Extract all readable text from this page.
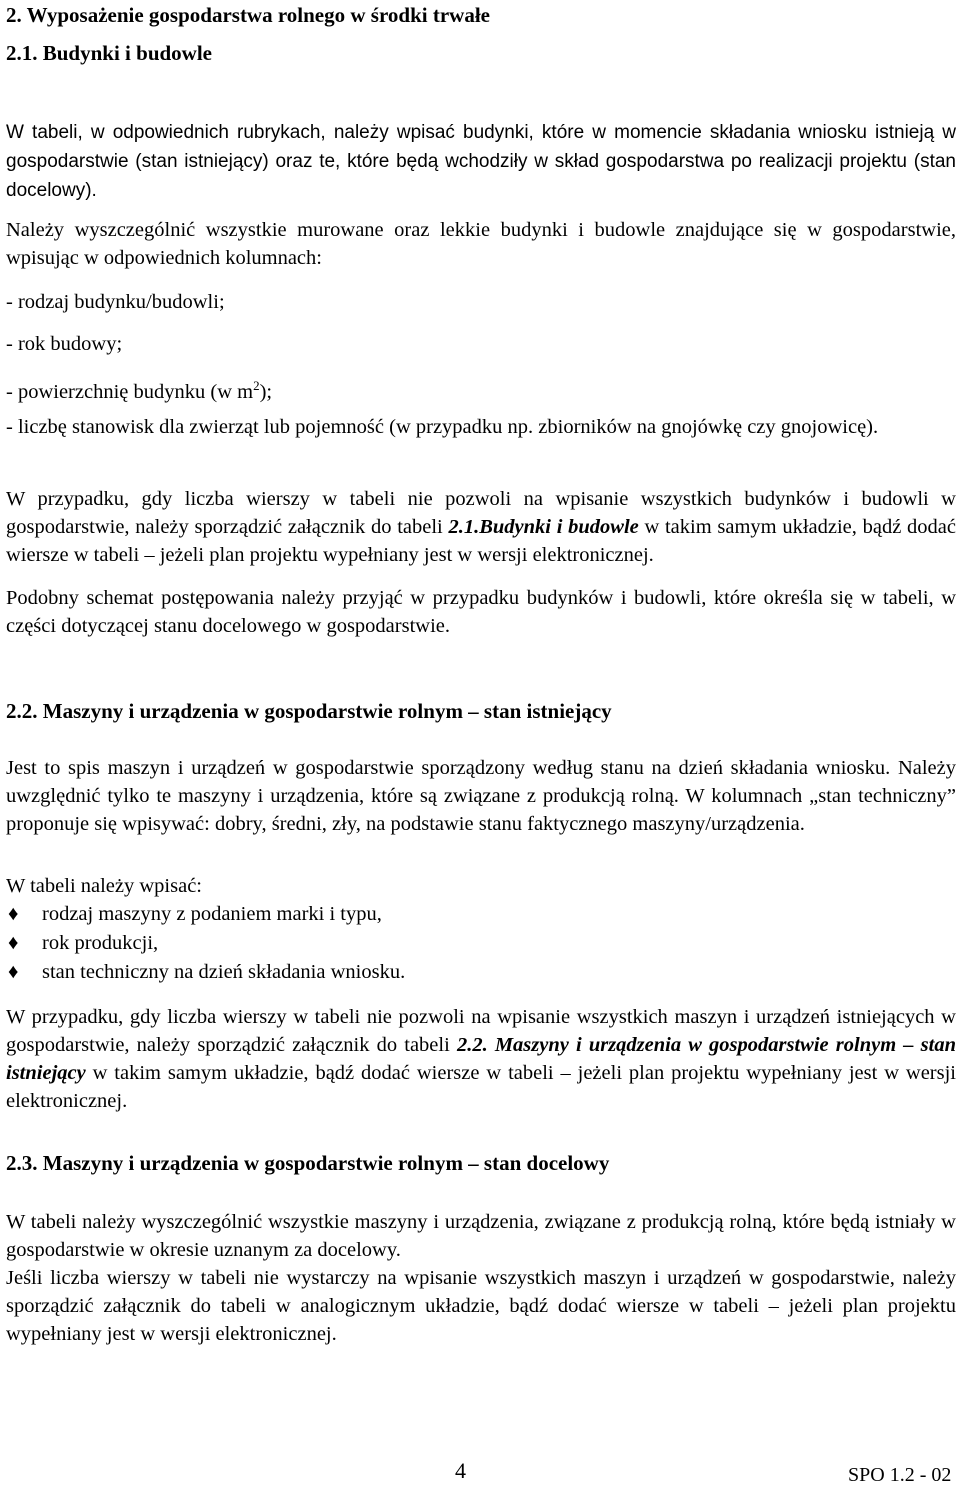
2. Wyposażenie gospodarstwa rolnego w środki trwałe
2.1. Budynki i budowle

W tabeli, w odpowiednich rubrykach, należy wpisać budynki, które w momencie składania wniosku istnieją w gospodarstwie (stan istniejący) oraz te, które będą wchodziły w skład gospodarstwa po realizacji projektu (stan docelowy).

Należy wyszczególnić wszystkie murowane oraz lekkie budynki i budowle znajdujące się w gospodarstwie, wpisując w odpowiednich kolumnach:

- rodzaj budynku/budowli;

- rok budowy;

- powierzchnię budynku (w $m^2$);

- liczbę stanowisk dla zwierząt lub pojemność (w przypadku np. zbiorników na gnojówkę czy gnojowicę).

W przypadku, gdy liczba wierszy w tabeli nie pozwoli na wpisanie wszystkich budynków i budowli w gospodarstwie, należy sporządzić załącznik do tabeli 2.1.Budynki i budowle w takim samym układzie, bądź dodać wiersze w tabeli – jeżeli plan projektu wypełniany jest w wersji elektronicznej.

Podobny schemat postępowania należy przyjąć w przypadku budynków i budowli, które określa się w tabeli, w części dotyczącej stanu docelowego w gospodarstwie.

2.2. Maszyny i urządzenia w gospodarstwie rolnym – stan istniejący

Jest to spis maszyn i urządzeń w gospodarstwie sporządzony według stanu na dzień składania wniosku. Należy uwzględnić tylko te maszyny i urządzenia, które są związane z produkcją rolną. W kolumnach „stan techniczny” proponuje się wpisywać: dobry, średni, zły, na podstawie stanu faktycznego maszyny/urządzenia.

W tabeli należy wpisać:

♦ rodzaj maszyny z podaniem marki i typu,
♦ rok produkcji,
♦ stan techniczny na dzień składania wniosku.

W przypadku, gdy liczba wierszy w tabeli nie pozwoli na wpisanie wszystkich maszyn i urządzeń istniejących w gospodarstwie, należy sporządzić załącznik do tabeli 2.2. Maszyny i urządzenia w gospodarstwie rolnym – stan istniejący w takim samym układzie, bądź dodać wiersze w tabeli – jeżeli plan projektu wypełniany jest w wersji elektronicznej.

2.3. Maszyny i urządzenia w gospodarstwie rolnym – stan docelowy

W tabeli należy wyszczególnić wszystkie maszyny i urządzenia, związane z produkcją rolną, które będą istniały w gospodarstwie w okresie uznanym za docelowy.

Jeśli liczba wierszy w tabeli nie wystarczy na wpisanie wszystkich maszyn i urządzeń w gospodarstwie, należy sporządzić załącznik do tabeli w analogicznym układzie, bądź dodać wiersze w tabeli – jeżeli plan projektu wypełniany jest w wersji elektronicznej.

4	SPO 1.2 - 02
